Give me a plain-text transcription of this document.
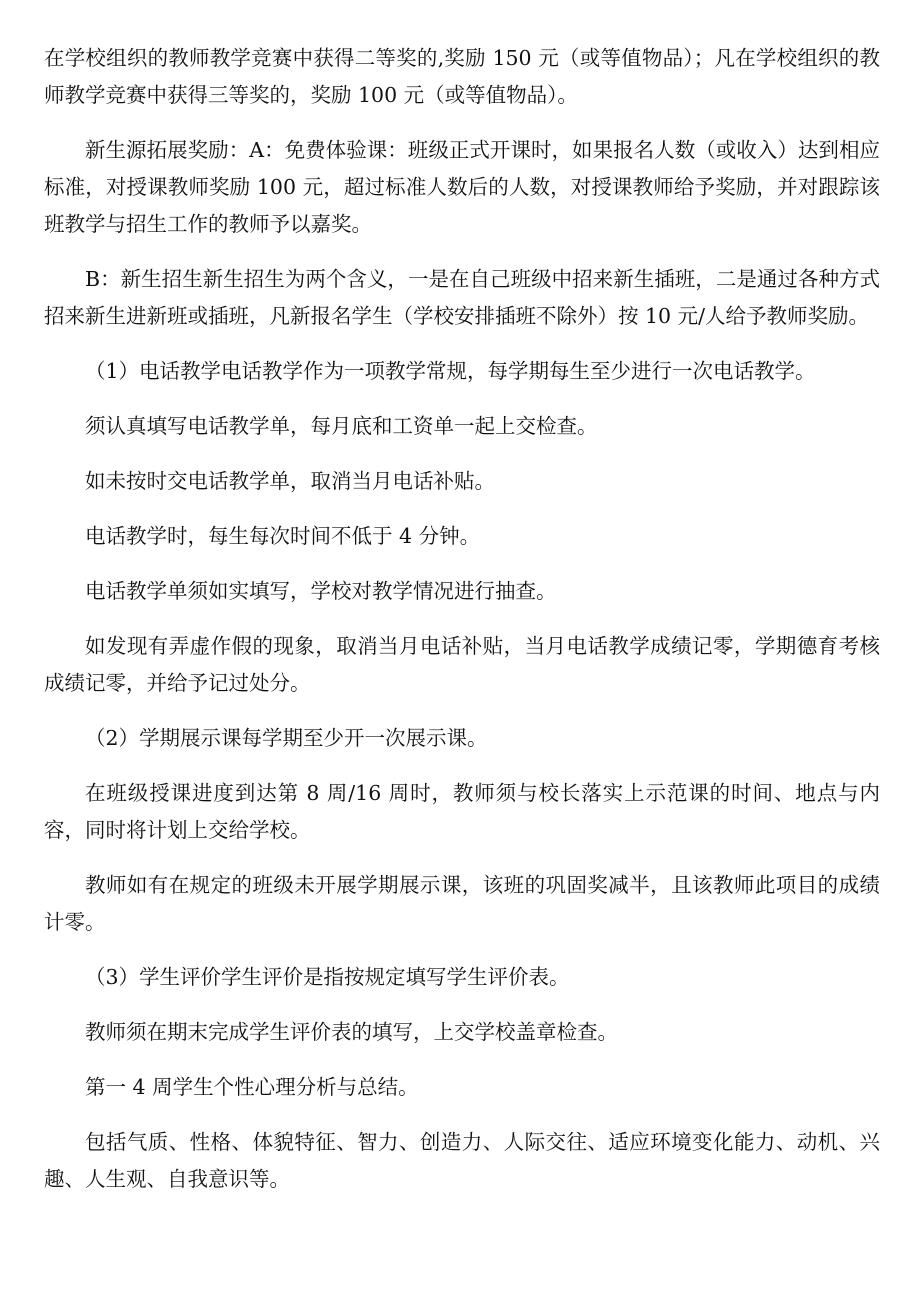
在学校组织的教师教学竞赛中获得二等奖的,奖励 150 元（或等值物品）；凡在学校组织的教师教学竞赛中获得三等奖的，奖励 100 元（或等值物品）。

新生源拓展奖励：A：免费体验课：班级正式开课时，如果报名人数（或收入）达到相应标准，对授课教师奖励 100 元，超过标准人数后的人数，对授课教师给予奖励，并对跟踪该班教学与招生工作的教师予以嘉奖。

B：新生招生新生招生为两个含义，一是在自己班级中招来新生插班，二是通过各种方式招来新生进新班或插班，凡新报名学生（学校安排插班不除外）按 10 元/人给予教师奖励。

（1）电话教学电话教学作为一项教学常规，每学期每生至少进行一次电话教学。

须认真填写电话教学单，每月底和工资单一起上交检查。

如未按时交电话教学单，取消当月电话补贴。

电话教学时，每生每次时间不低于 4 分钟。

电话教学单须如实填写，学校对教学情况进行抽查。

如发现有弄虚作假的现象，取消当月电话补贴，当月电话教学成绩记零，学期德育考核成绩记零，并给予记过处分。

（2）学期展示课每学期至少开一次展示课。

在班级授课进度到达第 8 周/16 周时，教师须与校长落实上示范课的时间、地点与内容，同时将计划上交给学校。

教师如有在规定的班级未开展学期展示课，该班的巩固奖减半，且该教师此项目的成绩计零。

（3）学生评价学生评价是指按规定填写学生评价表。

教师须在期末完成学生评价表的填写，上交学校盖章检查。

第一 4 周学生个性心理分析与总结。

包括气质、性格、体貌特征、智力、创造力、人际交往、适应环境变化能力、动机、兴趣、人生观、自我意识等。
